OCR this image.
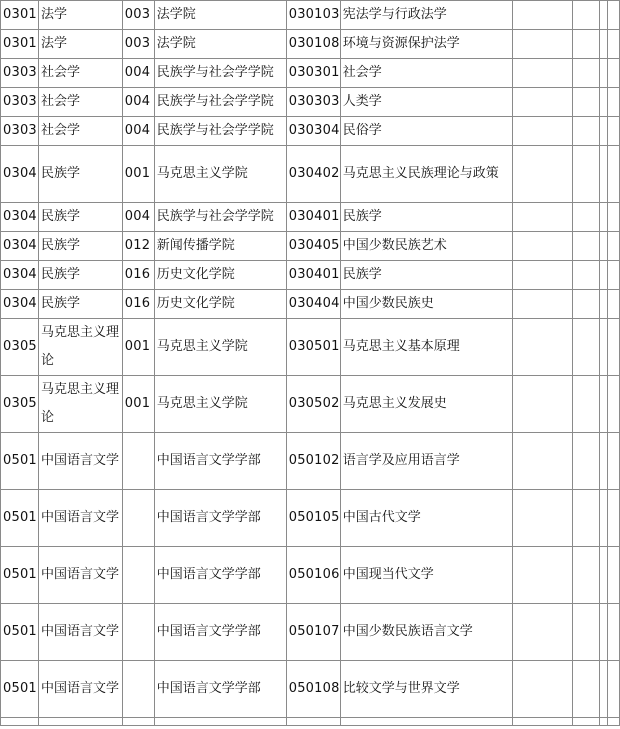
0301	法学	003	法学院	030103	宪法学与行政法学				
0301	法学	003	法学院	030108	环境与资源保护法学				
0303	社会学	004	民族学与社会学学院	030301	社会学				
0303	社会学	004	民族学与社会学学院	030303	人类学				
0303	社会学	004	民族学与社会学学院	030304	民俗学				
0304	民族学	001	马克思主义学院	030402	马克思主义民族理论与政策				
0304	民族学	004	民族学与社会学学院	030401	民族学				
0304	民族学	012	新闻传播学院	030405	中国少数民族艺术				
0304	民族学	016	历史文化学院	030401	民族学				
0304	民族学	016	历史文化学院	030404	中国少数民族史				
0305	马克思主义理论	001	马克思主义学院	030501	马克思主义基本原理				
0305	马克思主义理论	001	马克思主义学院	030502	马克思主义发展史				
0501	中国语言文学		中国语言文学学部	050102	语言学及应用语言学				
0501	中国语言文学		中国语言文学学部	050105	中国古代文学				
0501	中国语言文学		中国语言文学学部	050106	中国现当代文学				
0501	中国语言文学		中国语言文学学部	050107	中国少数民族语言文学				
0501	中国语言文学		中国语言文学学部	050108	比较文学与世界文学				
